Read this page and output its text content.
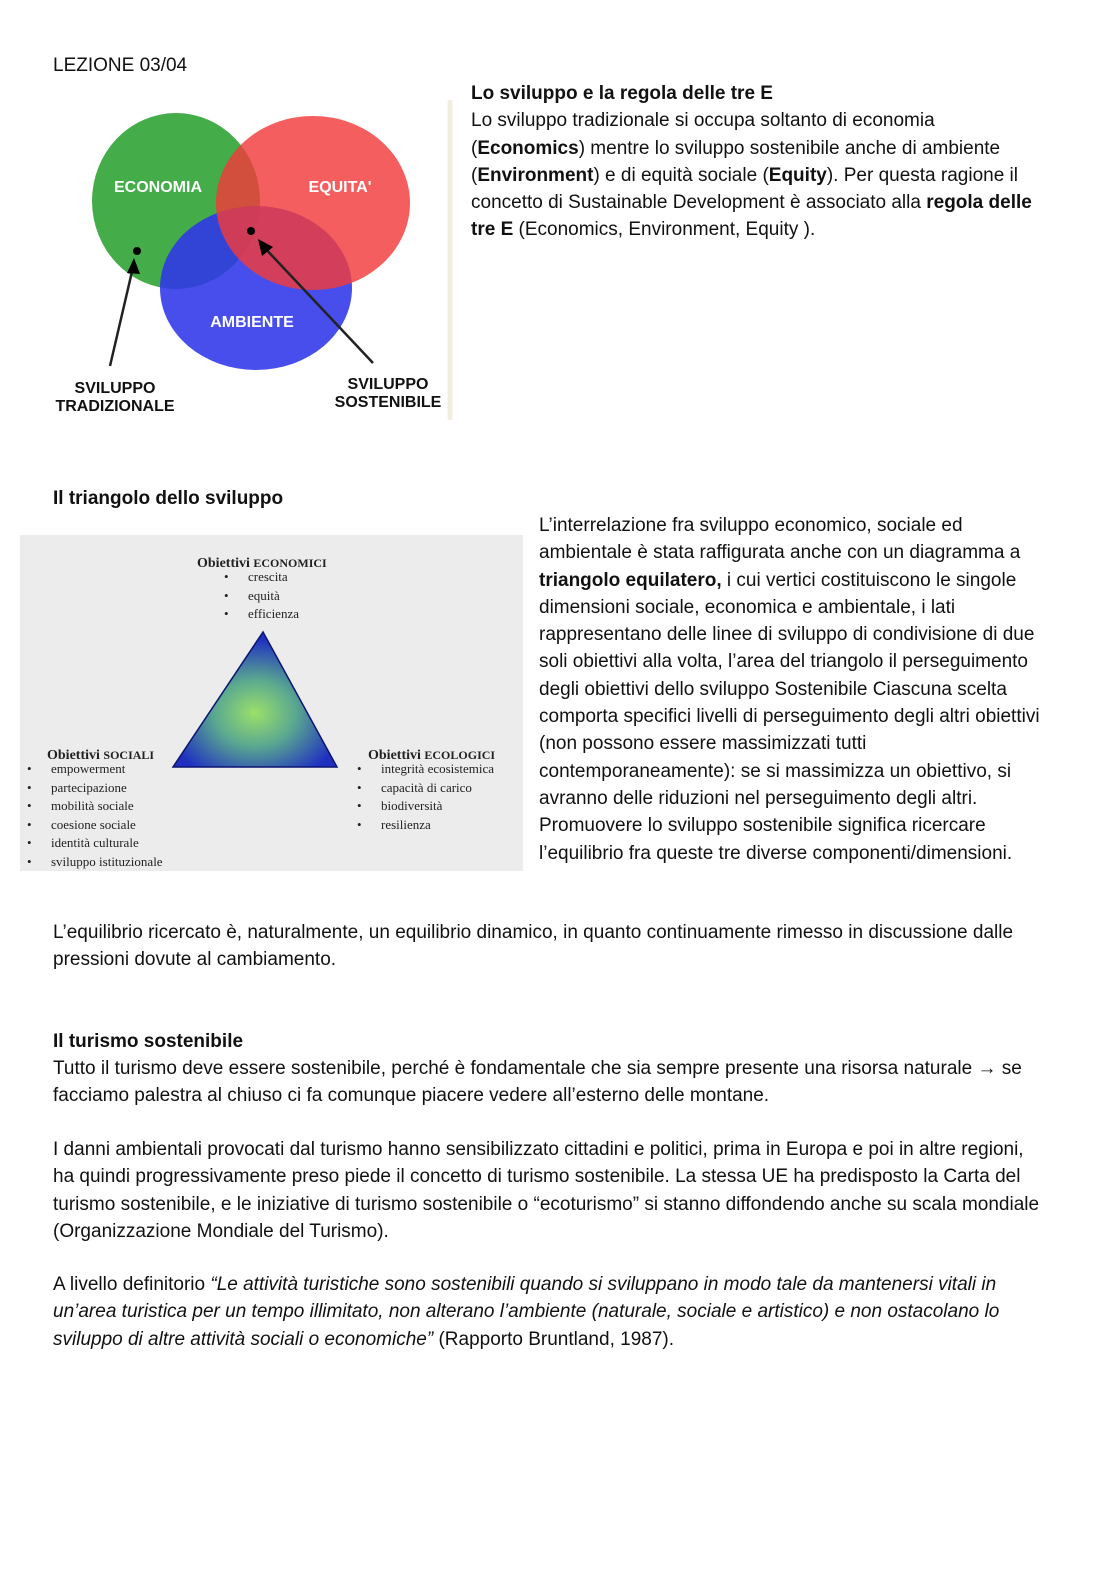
LEZIONE 03/04
ECONOMIA	EQUITA'
AMBIENTE
SVILUPPO
TRADIZIONALE
SVILUPPO
SOSTENIBILE
Lo sviluppo e la regola delle tre E
Lo sviluppo tradizionale si occupa soltanto di economia (Economics) mentre lo sviluppo sostenibile anche di ambiente (Environment) e di equità sociale (Equity). Per questa ragione il concetto di Sustainable Development è associato alla regola delle tre E (Economics, Environment, Equity ).
Il triangolo dello sviluppo
Obiettivi ECONOMICI
• crescita
• equità
• efficienza
Obiettivi SOCIALI
• empowerment
• partecipazione
• mobilità sociale
• coesione sociale
• identità culturale
• sviluppo istituzionale
Obiettivi ECOLOGICI
• integrità ecosistemica
• capacità di carico
• biodiversità
• resilienza
L’interrelazione fra sviluppo economico, sociale ed ambientale è stata raffigurata anche con un diagramma a triangolo equilatero, i cui vertici costituiscono le singole dimensioni sociale, economica e ambientale, i lati rappresentano delle linee di sviluppo di condivisione di due soli obiettivi alla volta, l’area del triangolo il perseguimento degli obiettivi dello sviluppo Sostenibile Ciascuna scelta comporta specifici livelli di perseguimento degli altri obiettivi (non possono essere massimizzati tutti contemporaneamente): se si massimizza un obiettivo, si avranno delle riduzioni nel perseguimento degli altri. Promuovere lo sviluppo sostenibile significa ricercare l’equilibrio fra queste tre diverse componenti/dimensioni.
L’equilibrio ricercato è, naturalmente, un equilibrio dinamico, in quanto continuamente rimesso in discussione dalle pressioni dovute al cambiamento.
Il turismo sostenibile
Tutto il turismo deve essere sostenibile, perché è fondamentale che sia sempre presente una risorsa naturale → se facciamo palestra al chiuso ci fa comunque piacere vedere all’esterno delle montane.
I danni ambientali provocati dal turismo hanno sensibilizzato cittadini e politici, prima in Europa e poi in altre regioni, ha quindi progressivamente preso piede il concetto di turismo sostenibile. La stessa UE ha predisposto la Carta del turismo sostenibile, e le iniziative di turismo sostenibile o “ecoturismo” si stanno diffondendo anche su scala mondiale (Organizzazione Mondiale del Turismo).
A livello definitorio “Le attività turistiche sono sostenibili quando si sviluppano in modo tale da mantenersi vitali in un’area turistica per un tempo illimitato, non alterano l’ambiente (naturale, sociale e artistico) e non ostacolano lo sviluppo di altre attività sociali o economiche” (Rapporto Bruntland, 1987).
